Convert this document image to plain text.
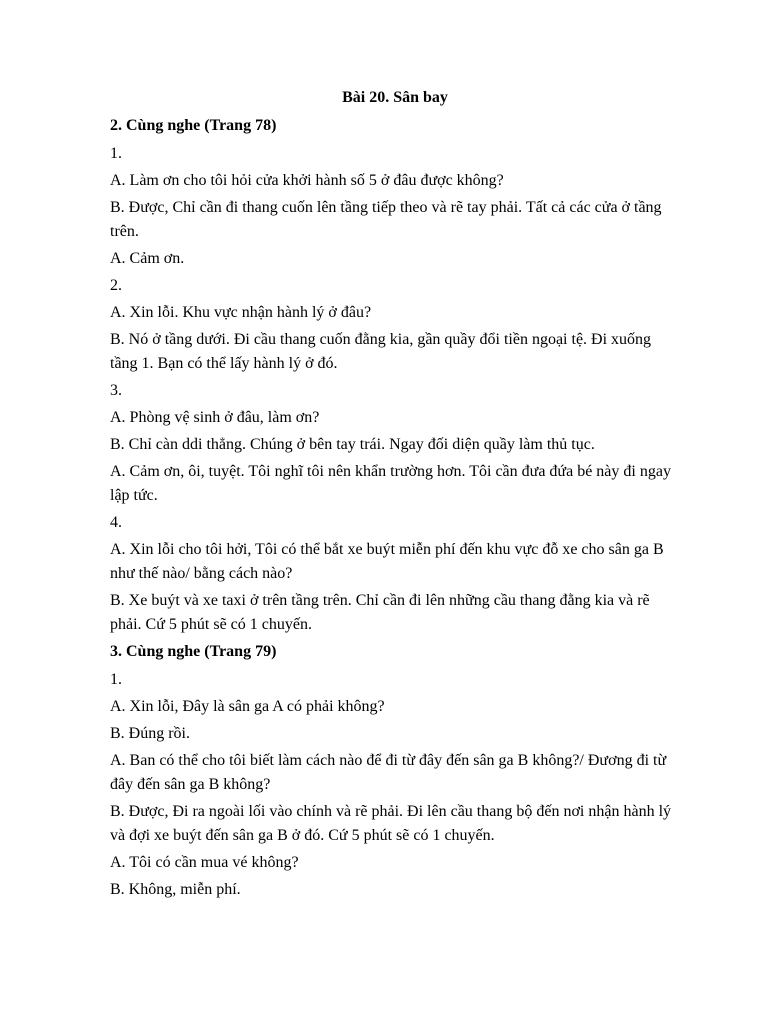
Bài 20. Sân bay
2. Cùng nghe (Trang 78)
1.
A. Làm ơn cho tôi hỏi cửa khởi hành số 5 ở đâu được không?
B. Được, Chỉ cần đi thang cuốn lên tầng tiếp theo và rẽ tay phải. Tất cả các cửa ở tầng trên.
A. Cảm ơn.
2.
A. Xin lỗi. Khu vực nhận hành lý ở đâu?
B. Nó ở tầng dưới. Đi cầu thang cuốn đằng kia, gần quầy đổi tiền ngoại tệ. Đi xuống tầng 1. Bạn có thể lấy hành lý ở đó.
3.
A. Phòng vệ sinh ở đâu, làm ơn?
B. Chỉ càn ddi thẳng. Chúng ở bên tay trái. Ngay đối diện quầy làm thủ tục.
A. Cảm ơn, ôi, tuyệt. Tôi nghĩ tôi nên khẩn trường hơn. Tôi cần đưa đứa bé này đi ngay lập tức.
4.
A. Xin lỗi cho tôi hởi, Tôi có thể bắt xe buýt miễn phí đến khu vực đỗ xe cho sân ga B như thế nào/ bằng cách nào?
B. Xe buýt và xe taxi ở trên tầng trên. Chỉ cần đi lên những cầu thang đằng kia và rẽ phải. Cứ 5 phút sẽ có 1 chuyến.
3. Cùng nghe (Trang 79)
1.
A. Xin lỗi, Đây là sân ga A có phải không?
B. Đúng rồi.
A. Ban có thể cho tôi biết làm cách nào để đi từ đây đến sân ga B không?/ Đương đi từ đây đến sân ga B không?
B. Được, Đi ra ngoài lối vào chính và rẽ phải. Đi lên cầu thang bộ đến nơi nhận hành lý và đợi xe buýt đến sân ga B ở đó. Cứ 5 phút sẽ có 1 chuyến.
A. Tôi có cần mua vé không?
B. Không, miễn phí.
